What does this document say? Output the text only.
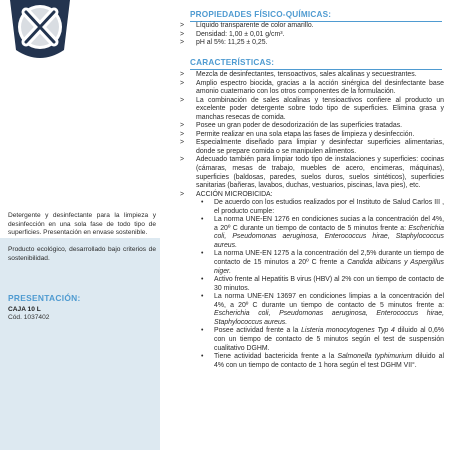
PROPIEDADES FÍSICO-QUÍMICAS:
> Líquido transparente de color amarillo.
> Densidad: 1,00 ± 0,01 g/cm³.
> pH al 5%: 11,25 ± 0,25.
CARACTERÍSTICAS:
> Mezcla de desinfectantes, tensoactivos, sales alcalinas y secuestrantes.
> Amplio espectro biocida, gracias a la acción sinérgica del desinfectante base amonio cuaternario con los otros componentes de la formulación.
> La combinación de sales alcalinas y tensioactivos confiere al producto un excelente poder detergente sobre todo tipo de superficies. Elimina grasa y manchas resecas de comida.
> Posee un gran poder de desodorización de las superficies tratadas.
> Permite realizar en una sola etapa las fases de limpieza y desinfección.
> Especialmente diseñado para limpiar y desinfectar superficies alimentarias, donde se prepare comida o se manipulen alimentos.
> Adecuado también para limpiar todo tipo de instalaciones y superficies: cocinas (cámaras, mesas de trabajo, muebles de acero, encimeras, máquinas), superficies (baldosas, paredes, suelos duros, suelos sintéticos), superficies sanitarias (bañeras, lavabos, duchas, vestuarios, piscinas, lava pies), etc.
> ACCIÓN MICROBICIDA:
• De acuerdo con los estudios realizados por el Instituto de Salud Carlos III , el producto cumple:
• La norma UNE-EN 1276 en condiciones sucias a la concentración del 4%, a 20º C durante un tiempo de contacto de 5 minutos frente a: Escherichia coli, Pseudomonas aeruginosa, Enterococcus hirae, Staphylococcus aureus.
• La norma UNE-EN 1275 a la concentración del 2,5% durante un tiempo de contacto de 15 minutos a 20º C frente a Candida albicans y Aspergillus niger.
• Activo frente al Hepatitis B virus (HBV) al 2% con un tiempo de contacto de 30 minutos.
• La norma UNE-EN 13697 en condiciones limpias a la concentración del 4%, a 20º C durante un tiempo de contacto de 5 minutos frente a: Escherichia coli, Pseudomonas aeruginosa, Enterococcus hirae, Staphylococcus aureus.
• Posee actividad frente a la Listeria monocytogenes Typ 4 diluido al 0,6% con un tiempo de contacto de 5 minutos según el test de suspensión cualitativo DGHM.
• Tiene actividad bactericida frente a la Salmonella typhimurium diluido al 4% con un tiempo de contacto de 1 hora según el test DGHM VII°.

Detergente y desinfectante para la limpieza y desinfección en una sola fase de todo tipo de superficies. Presentación en envase sostenible.

Producto ecológico, desarrollado bajo criterios de sostenibilidad.

PRESENTACIÓN:
CAJA 10 L
Cód. 1037402
